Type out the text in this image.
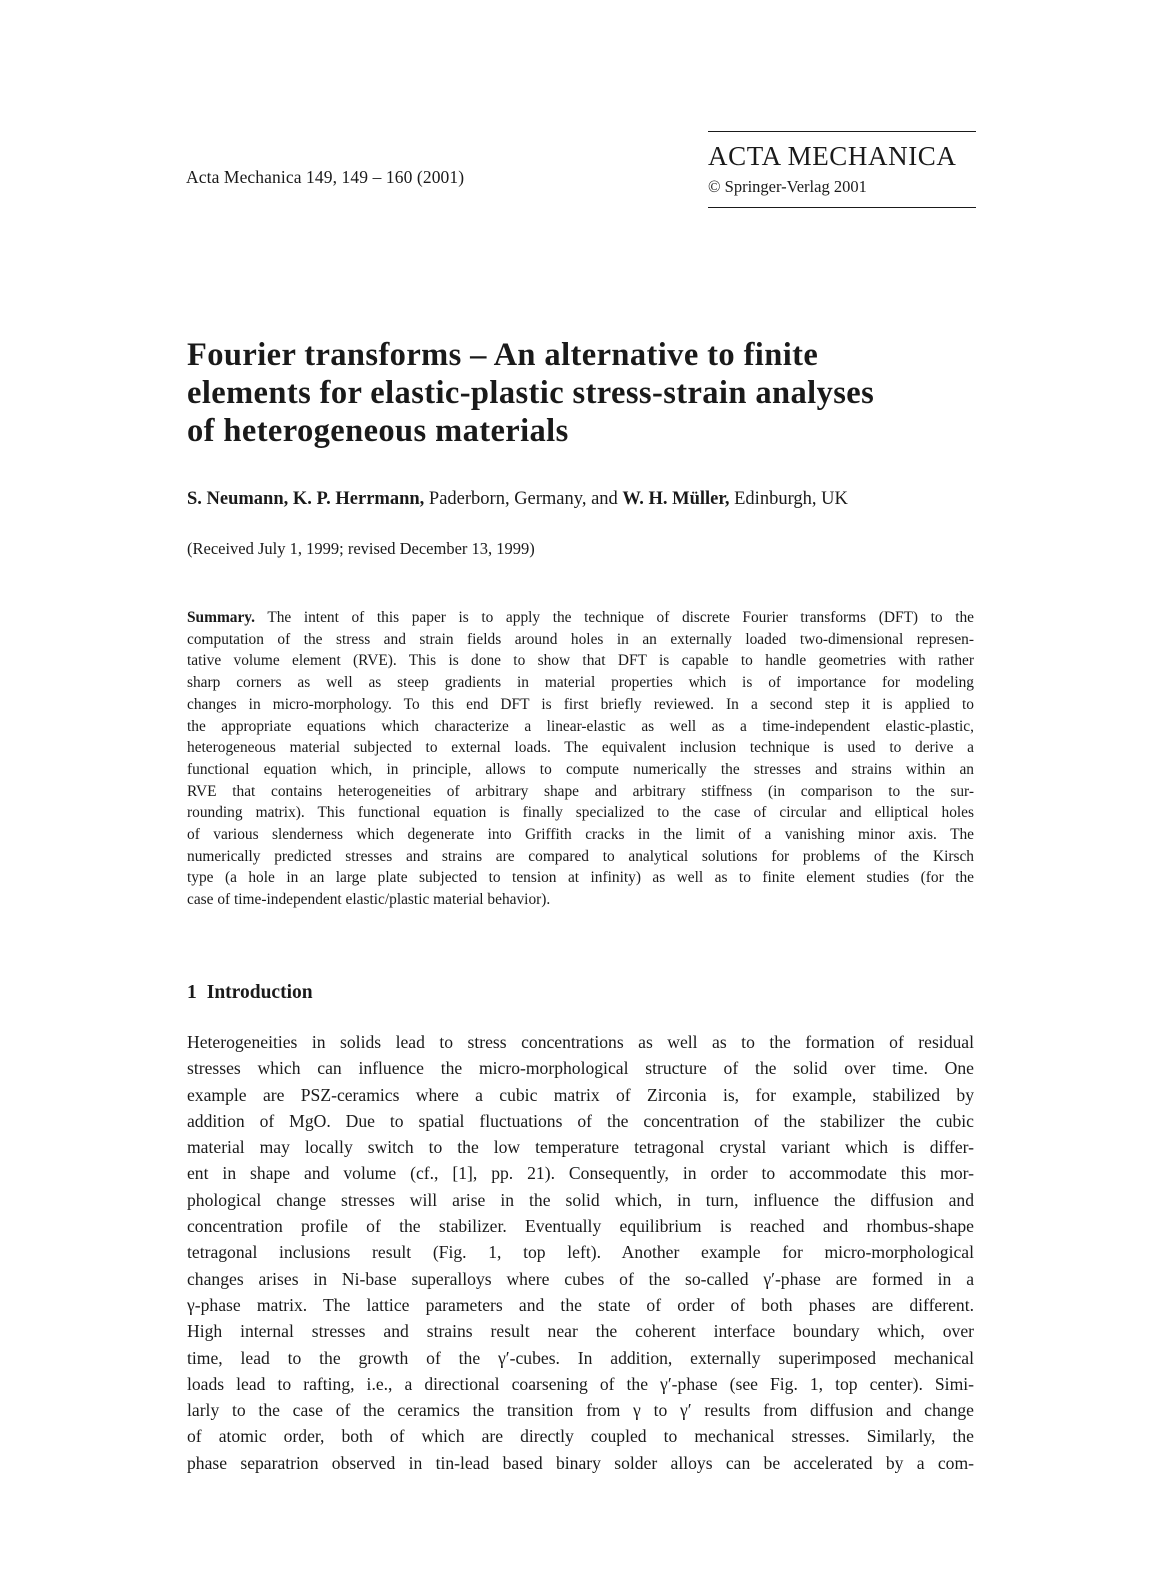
Acta Mechanica 149, 149 – 160 (2001)
ACTA MECHANICA
© Springer-Verlag 2001
Fourier transforms – An alternative to finite
elements for elastic-plastic stress-strain analyses
of heterogeneous materials
S. Neumann, K. P. Herrmann, Paderborn, Germany, and W. H. Müller, Edinburgh, UK
(Received July 1, 1999; revised December 13, 1999)
Summary. The intent of this paper is to apply the technique of discrete Fourier transforms (DFT) to the
computation of the stress and strain fields around holes in an externally loaded two-dimensional represen-
tative volume element (RVE). This is done to show that DFT is capable to handle geometries with rather
sharp corners as well as steep gradients in material properties which is of importance for modeling
changes in micro-morphology. To this end DFT is first briefly reviewed. In a second step it is applied to
the appropriate equations which characterize a linear-elastic as well as a time-independent elastic-plastic,
heterogeneous material subjected to external loads. The equivalent inclusion technique is used to derive a
functional equation which, in principle, allows to compute numerically the stresses and strains within an
RVE that contains heterogeneities of arbitrary shape and arbitrary stiffness (in comparison to the sur-
rounding matrix). This functional equation is finally specialized to the case of circular and elliptical holes
of various slenderness which degenerate into Griffith cracks in the limit of a vanishing minor axis. The
numerically predicted stresses and strains are compared to analytical solutions for problems of the Kirsch
type (a hole in an large plate subjected to tension at infinity) as well as to finite element studies (for the
case of time-independent elastic/plastic material behavior).
1 Introduction
Heterogeneities in solids lead to stress concentrations as well as to the formation of residual
stresses which can influence the micro-morphological structure of the solid over time. One
example are PSZ-ceramics where a cubic matrix of Zirconia is, for example, stabilized by
addition of MgO. Due to spatial fluctuations of the concentration of the stabilizer the cubic
material may locally switch to the low temperature tetragonal crystal variant which is differ-
ent in shape and volume (cf., [1], pp. 21). Consequently, in order to accommodate this mor-
phological change stresses will arise in the solid which, in turn, influence the diffusion and
concentration profile of the stabilizer. Eventually equilibrium is reached and rhombus-shape
tetragonal inclusions result (Fig. 1, top left). Another example for micro-morphological
changes arises in Ni-base superalloys where cubes of the so-called γ′-phase are formed in a
γ-phase matrix. The lattice parameters and the state of order of both phases are different.
High internal stresses and strains result near the coherent interface boundary which, over
time, lead to the growth of the γ′-cubes. In addition, externally superimposed mechanical
loads lead to rafting, i.e., a directional coarsening of the γ′-phase (see Fig. 1, top center). Simi-
larly to the case of the ceramics the transition from γ to γ′ results from diffusion and change
of atomic order, both of which are directly coupled to mechanical stresses. Similarly, the
phase separatrion observed in tin-lead based binary solder alloys can be accelerated by a com-
